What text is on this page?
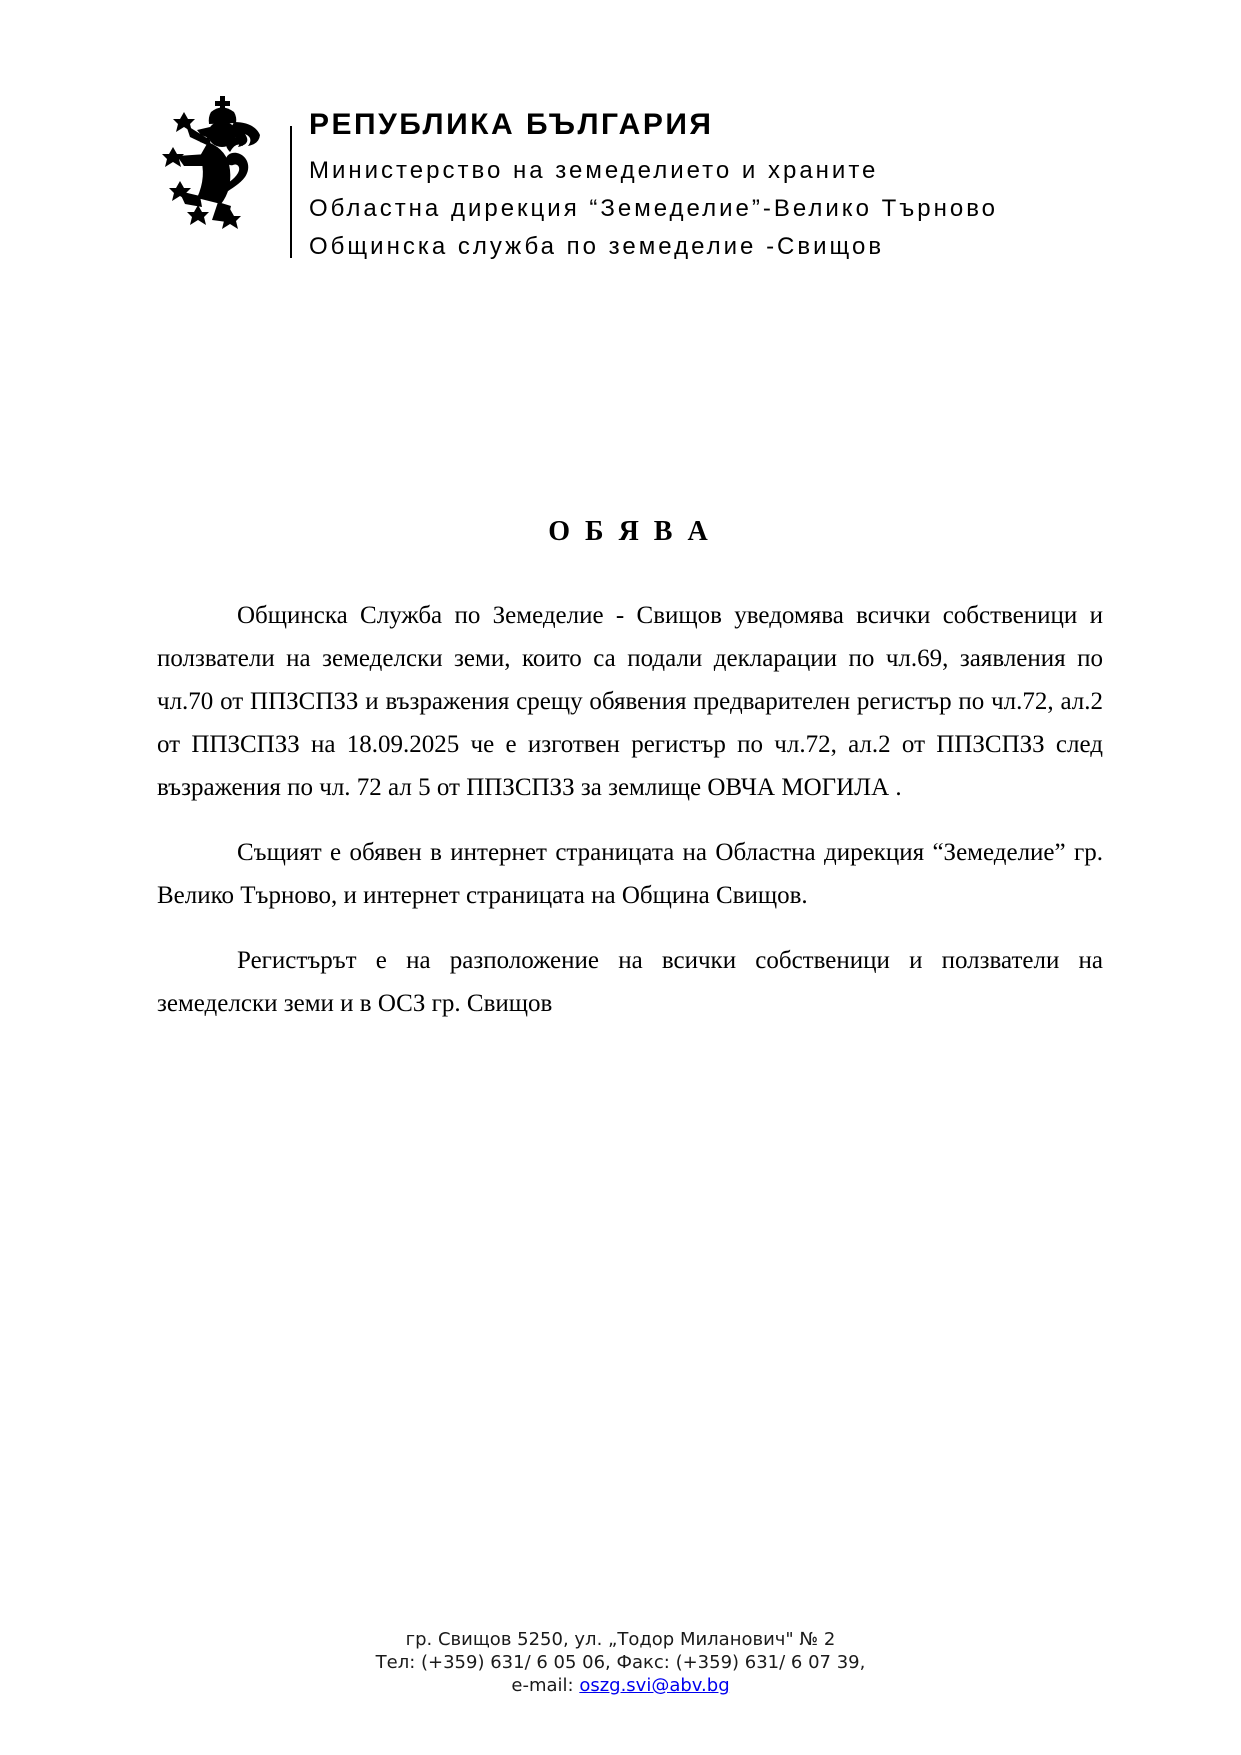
РЕПУБЛИКА БЪЛГАРИЯ
Министерство на земеделието и храните
Областна дирекция “Земеделие”-Велико Търново
Общинска служба по земеделие -Свищов
О Б Я В А

Общинска Служба по Земеделие - Свищов уведомява всички собственици и ползватели на земеделски земи, които са подали декларации по чл.69, заявления по чл.70 от ППЗСПЗЗ и възражения срещу обявения предварителен регистър по чл.72, ал.2 от ППЗСПЗЗ на 18.09.2025 че е изготвен регистър по чл.72, ал.2 от ППЗСПЗЗ след възражения по чл. 72 ал 5 от ППЗСПЗЗ за землище ОВЧА МОГИЛА .

Същият е обявен в интернет страницата на Областна дирекция “Земеделие” гр. Велико Търново, и интернет страницата на Община Свищов.

Регистърът е на разположение на всички собственици и ползватели на земеделски земи и в ОСЗ гр. Свищов

гр. Свищов 5250, ул. „Тодор Миланович" № 2
Тел: (+359) 631/ 6 05 06, Факс: (+359) 631/ 6 07 39,
e-mail: oszg.svi@abv.bg
